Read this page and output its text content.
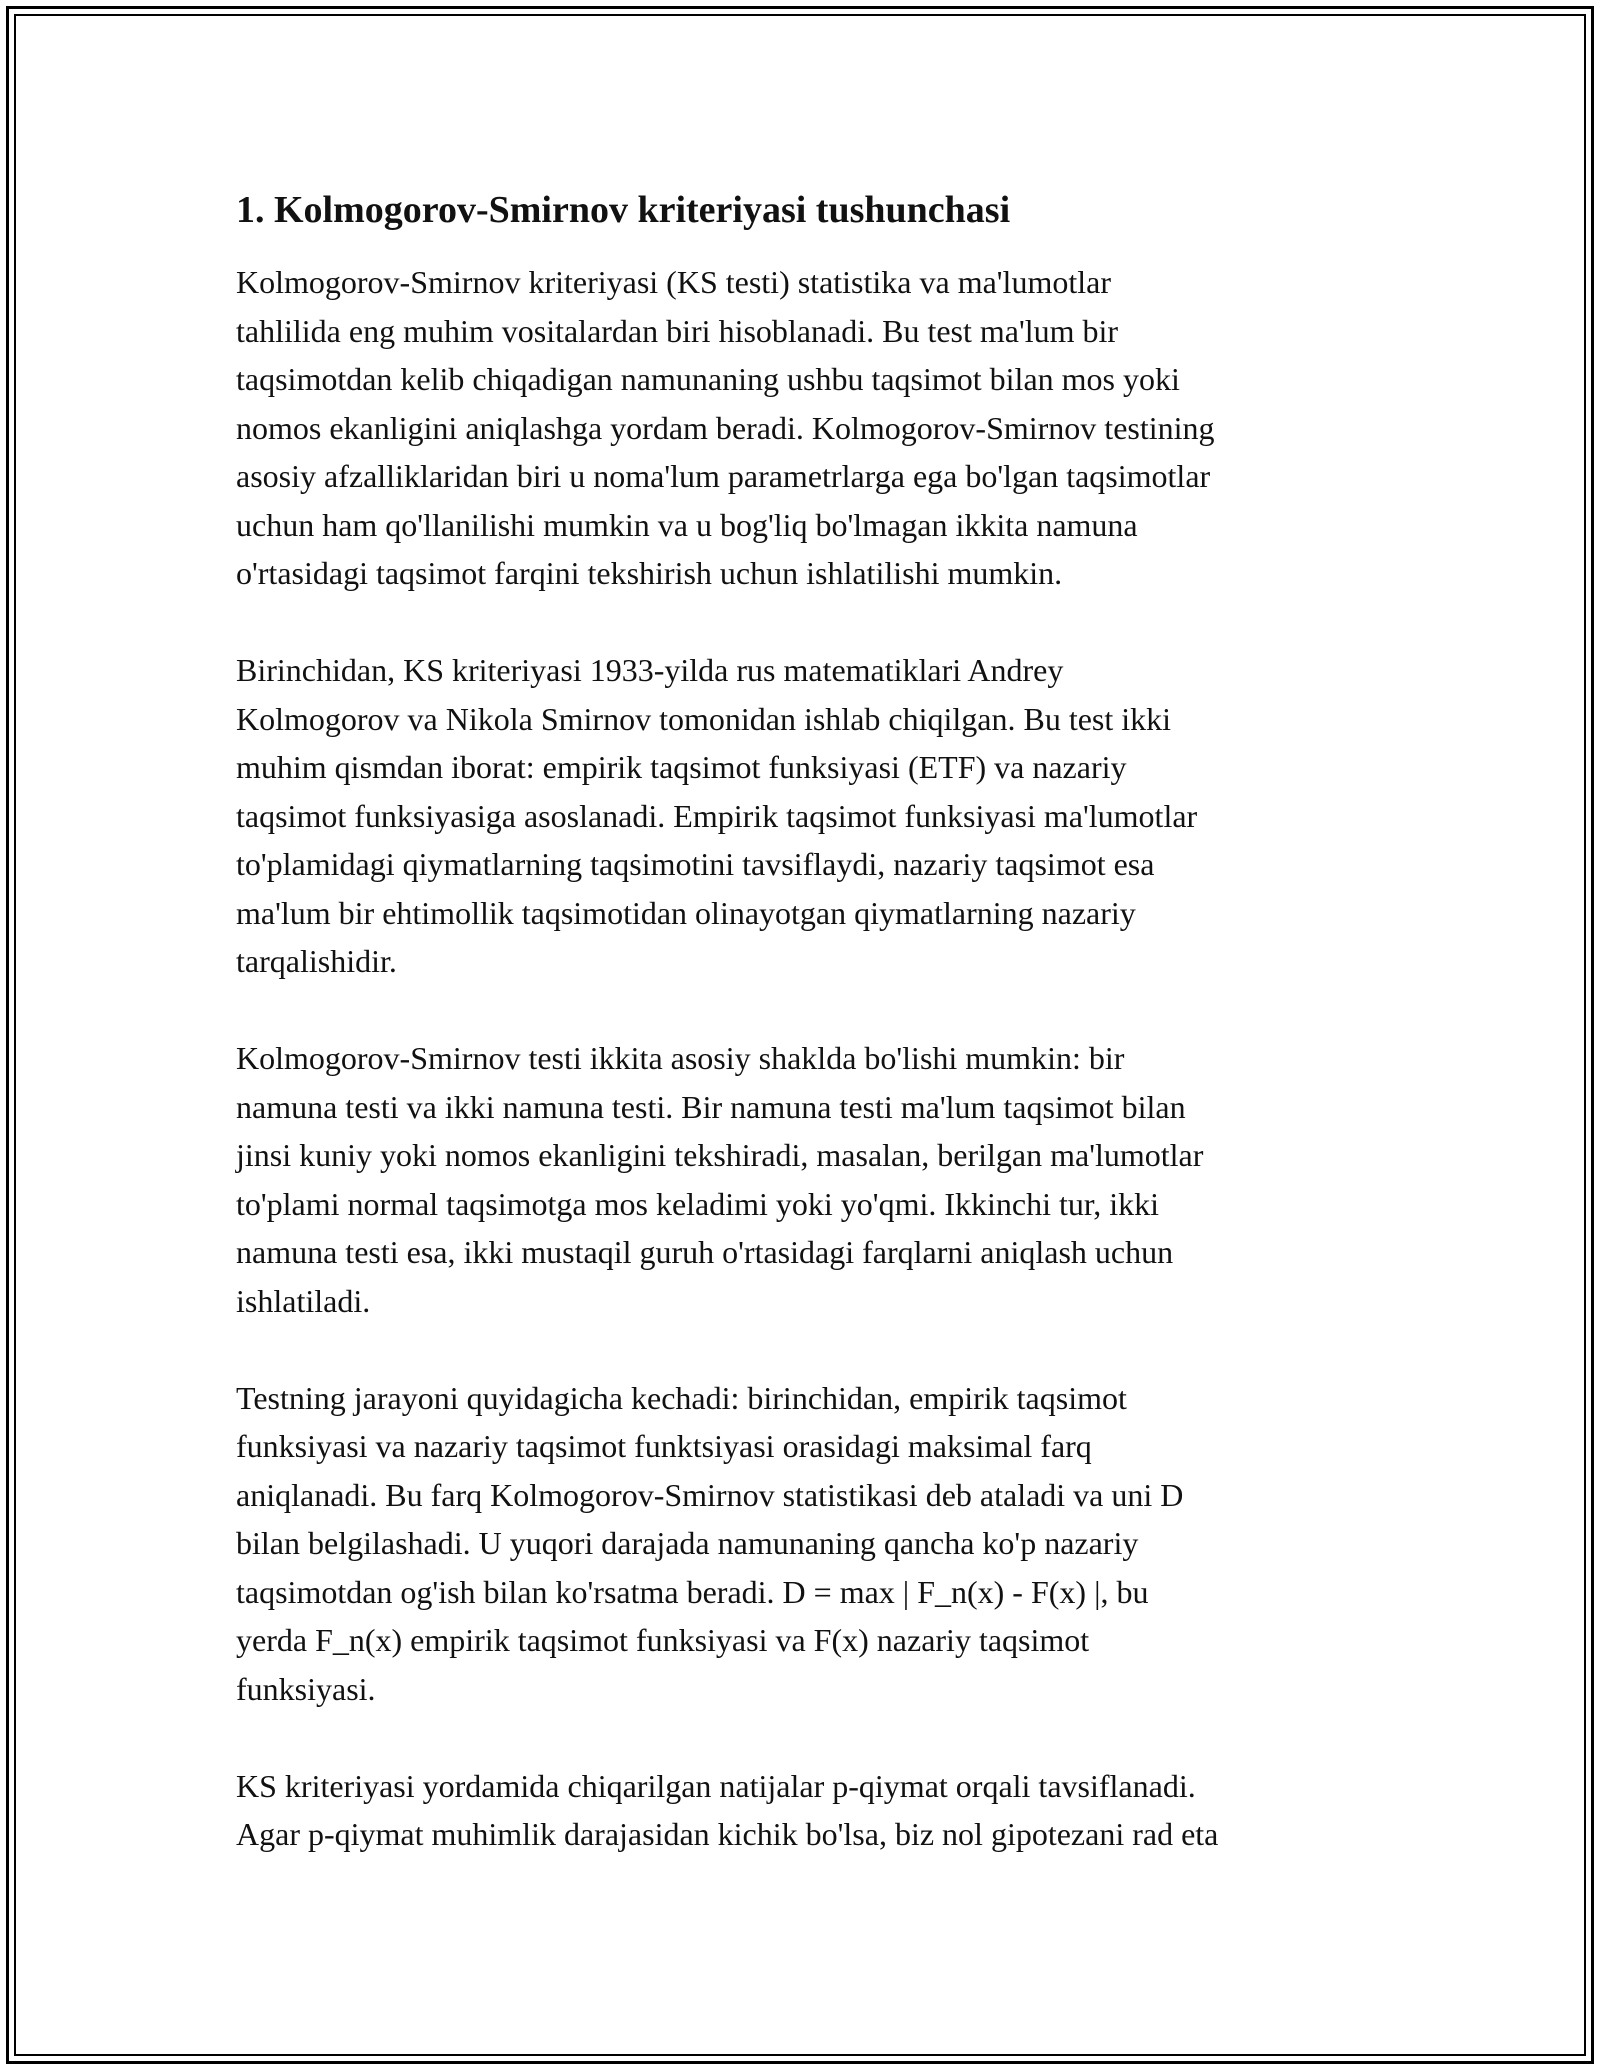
1. Kolmogorov-Smirnov kriteriyasi tushunchasi
Kolmogorov-Smirnov kriteriyasi (KS testi) statistika va ma'lumotlar
tahlilida eng muhim vositalardan biri hisoblanadi. Bu test ma'lum bir
taqsimotdan kelib chiqadigan namunaning ushbu taqsimot bilan mos yoki
nomos ekanligini aniqlashga yordam beradi. Kolmogorov-Smirnov testining
asosiy afzalliklaridan biri u noma'lum parametrlarga ega bo'lgan taqsimotlar
uchun ham qo'llanilishi mumkin va u bog'liq bo'lmagan ikkita namuna
o'rtasidagi taqsimot farqini tekshirish uchun ishlatilishi mumkin.
Birinchidan, KS kriteriyasi 1933-yilda rus matematiklari Andrey
Kolmogorov va Nikola Smirnov tomonidan ishlab chiqilgan. Bu test ikki
muhim qismdan iborat: empirik taqsimot funksiyasi (ETF) va nazariy
taqsimot funksiyasiga asoslanadi. Empirik taqsimot funksiyasi ma'lumotlar
to'plamidagi qiymatlarning taqsimotini tavsiflaydi, nazariy taqsimot esa
ma'lum bir ehtimollik taqsimotidan olinayotgan qiymatlarning nazariy
tarqalishidir.
Kolmogorov-Smirnov testi ikkita asosiy shaklda bo'lishi mumkin: bir
namuna testi va ikki namuna testi. Bir namuna testi ma'lum taqsimot bilan
jinsi kuniy yoki nomos ekanligini tekshiradi, masalan, berilgan ma'lumotlar
to'plami normal taqsimotga mos keladimi yoki yo'qmi. Ikkinchi tur, ikki
namuna testi esa, ikki mustaqil guruh o'rtasidagi farqlarni aniqlash uchun
ishlatiladi.
Testning jarayoni quyidagicha kechadi: birinchidan, empirik taqsimot
funksiyasi va nazariy taqsimot funktsiyasi orasidagi maksimal farq
aniqlanadi. Bu farq Kolmogorov-Smirnov statistikasi deb ataladi va uni D
bilan belgilashadi. U yuqori darajada namunaning qancha ko'p nazariy
taqsimotdan og'ish bilan ko'rsatma beradi. D = max | F_n(x) - F(x) |, bu
yerda F_n(x) empirik taqsimot funksiyasi va F(x) nazariy taqsimot
funksiyasi.
KS kriteriyasi yordamida chiqarilgan natijalar p-qiymat orqali tavsiflanadi.
Agar p-qiymat muhimlik darajasidan kichik bo'lsa, biz nol gipotezani rad eta
